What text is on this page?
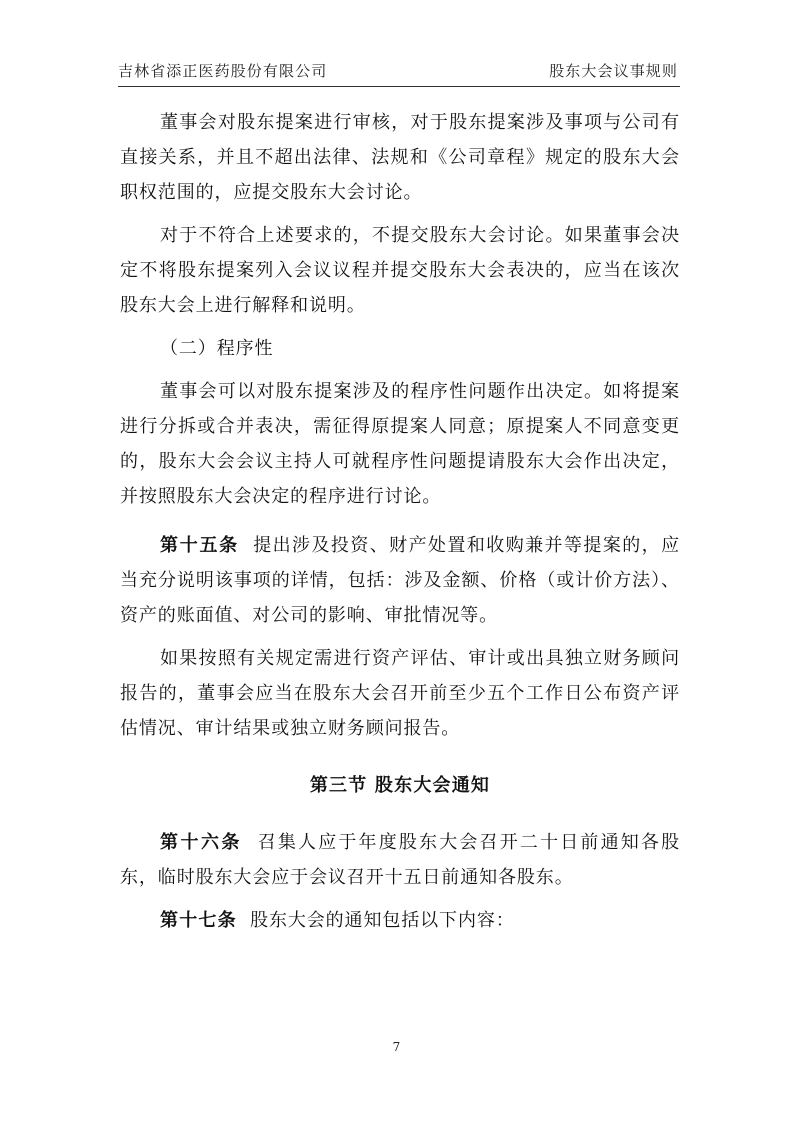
吉林省添正医药股份有限公司	股东大会议事规则

董事会对股东提案进行审核，对于股东提案涉及事项与公司有直接关系，并且不超出法律、法规和《公司章程》规定的股东大会职权范围的，应提交股东大会讨论。

对于不符合上述要求的，不提交股东大会讨论。如果董事会决定不将股东提案列入会议议程并提交股东大会表决的，应当在该次股东大会上进行解释和说明。

（二）程序性

董事会可以对股东提案涉及的程序性问题作出决定。如将提案进行分拆或合并表决，需征得原提案人同意；原提案人不同意变更的，股东大会会议主持人可就程序性问题提请股东大会作出决定，并按照股东大会决定的程序进行讨论。

第十五条 提出涉及投资、财产处置和收购兼并等提案的，应当充分说明该事项的详情，包括：涉及金额、价格（或计价方法）、资产的账面值、对公司的影响、审批情况等。

如果按照有关规定需进行资产评估、审计或出具独立财务顾问报告的，董事会应当在股东大会召开前至少五个工作日公布资产评估情况、审计结果或独立财务顾问报告。

第三节 股东大会通知

第十六条 召集人应于年度股东大会召开二十日前通知各股东，临时股东大会应于会议召开十五日前通知各股东。

第十七条 股东大会的通知包括以下内容：

7
